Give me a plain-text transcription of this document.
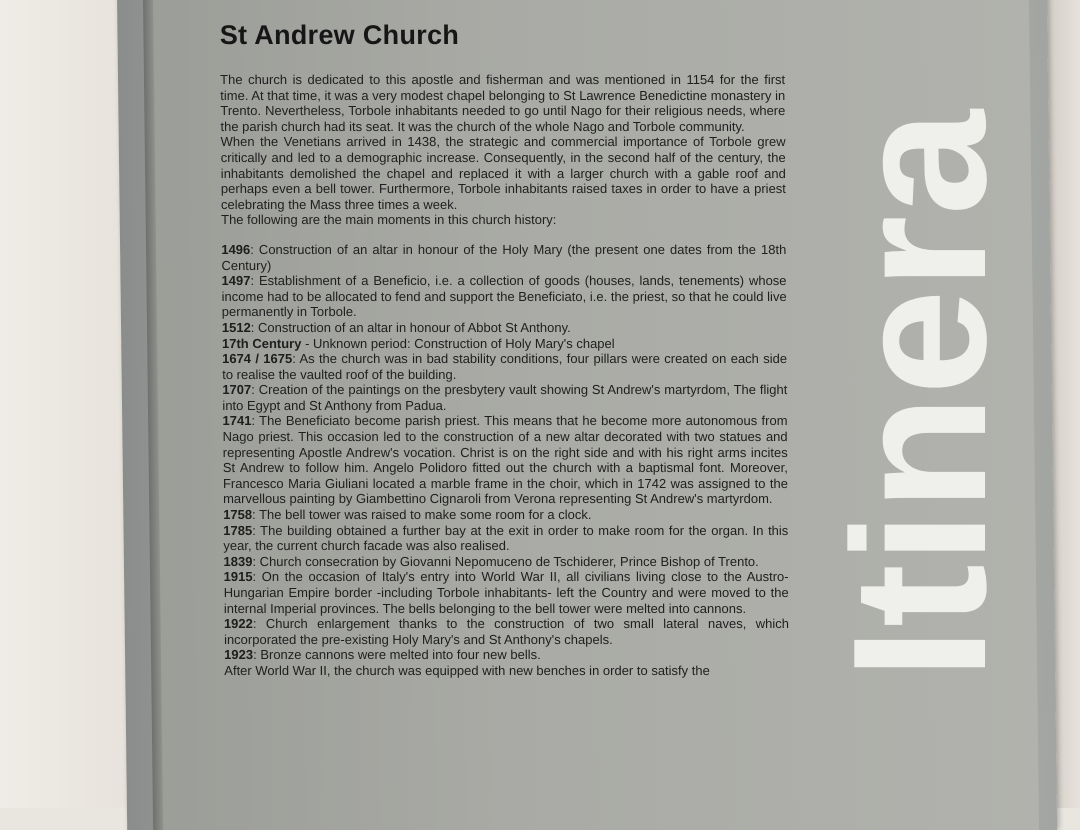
Itinera
St Andrew Church

The church is dedicated to this apostle and fisherman and was mentioned in 1154 for the first time. At that time, it was a very modest chapel belonging to St Lawrence Benedictine monastery in Trento. Nevertheless, Torbole inhabitants needed to go until Nago for their religious needs, where the parish church had its seat. It was the church of the whole Nago and Torbole community.

When the Venetians arrived in 1438, the strategic and commercial importance of Torbole grew critically and led to a demographic increase. Consequently, in the second half of the century, the inhabitants demolished the chapel and replaced it with a larger church with a gable roof and perhaps even a bell tower. Furthermore, Torbole inhabitants raised taxes in order to have a priest celebrating the Mass three times a week.

The following are the main moments in this church history:

1496: Construction of an altar in honour of the Holy Mary (the present one dates from the 18th Century)

1497: Establishment of a Beneficio, i.e. a collection of goods (houses, lands, tenements) whose income had to be allocated to fend and support the Beneficiato, i.e. the priest, so that he could live permanently in Torbole.

1512: Construction of an altar in honour of Abbot St Anthony.

17th Century - Unknown period: Construction of Holy Mary's chapel

1674 / 1675: As the church was in bad stability conditions, four pillars were created on each side to realise the vaulted roof of the building.

1707: Creation of the paintings on the presbytery vault showing St Andrew's martyrdom, The flight into Egypt and St Anthony from Padua.

1741: The Beneficiato become parish priest. This means that he become more autonomous from Nago priest. This occasion led to the construction of a new altar decorated with two statues and representing Apostle Andrew's vocation. Christ is on the right side and with his right arms incites St Andrew to follow him. Angelo Polidoro fitted out the church with a baptismal font. Moreover, Francesco Maria Giuliani located a marble frame in the choir, which in 1742 was assigned to the marvellous painting by Giambettino Cignaroli from Verona representing St Andrew's martyrdom.

1758: The bell tower was raised to make some room for a clock.

1785: The building obtained a further bay at the exit in order to make room for the organ. In this year, the current church facade was also realised.

1839: Church consecration by Giovanni Nepomuceno de Tschiderer, Prince Bishop of Trento.

1915: On the occasion of Italy's entry into World War II, all civilians living close to the Austro-Hungarian Empire border -including Torbole inhabitants- left the Country and were moved to the internal Imperial provinces. The bells belonging to the bell tower were melted into cannons.

1922: Church enlargement thanks to the construction of two small lateral naves, which incorporated the pre-existing Holy Mary's and St Anthony's chapels.

1923: Bronze cannons were melted into four new bells.

After World War II, the church was equipped with new benches in order to satisfy the
